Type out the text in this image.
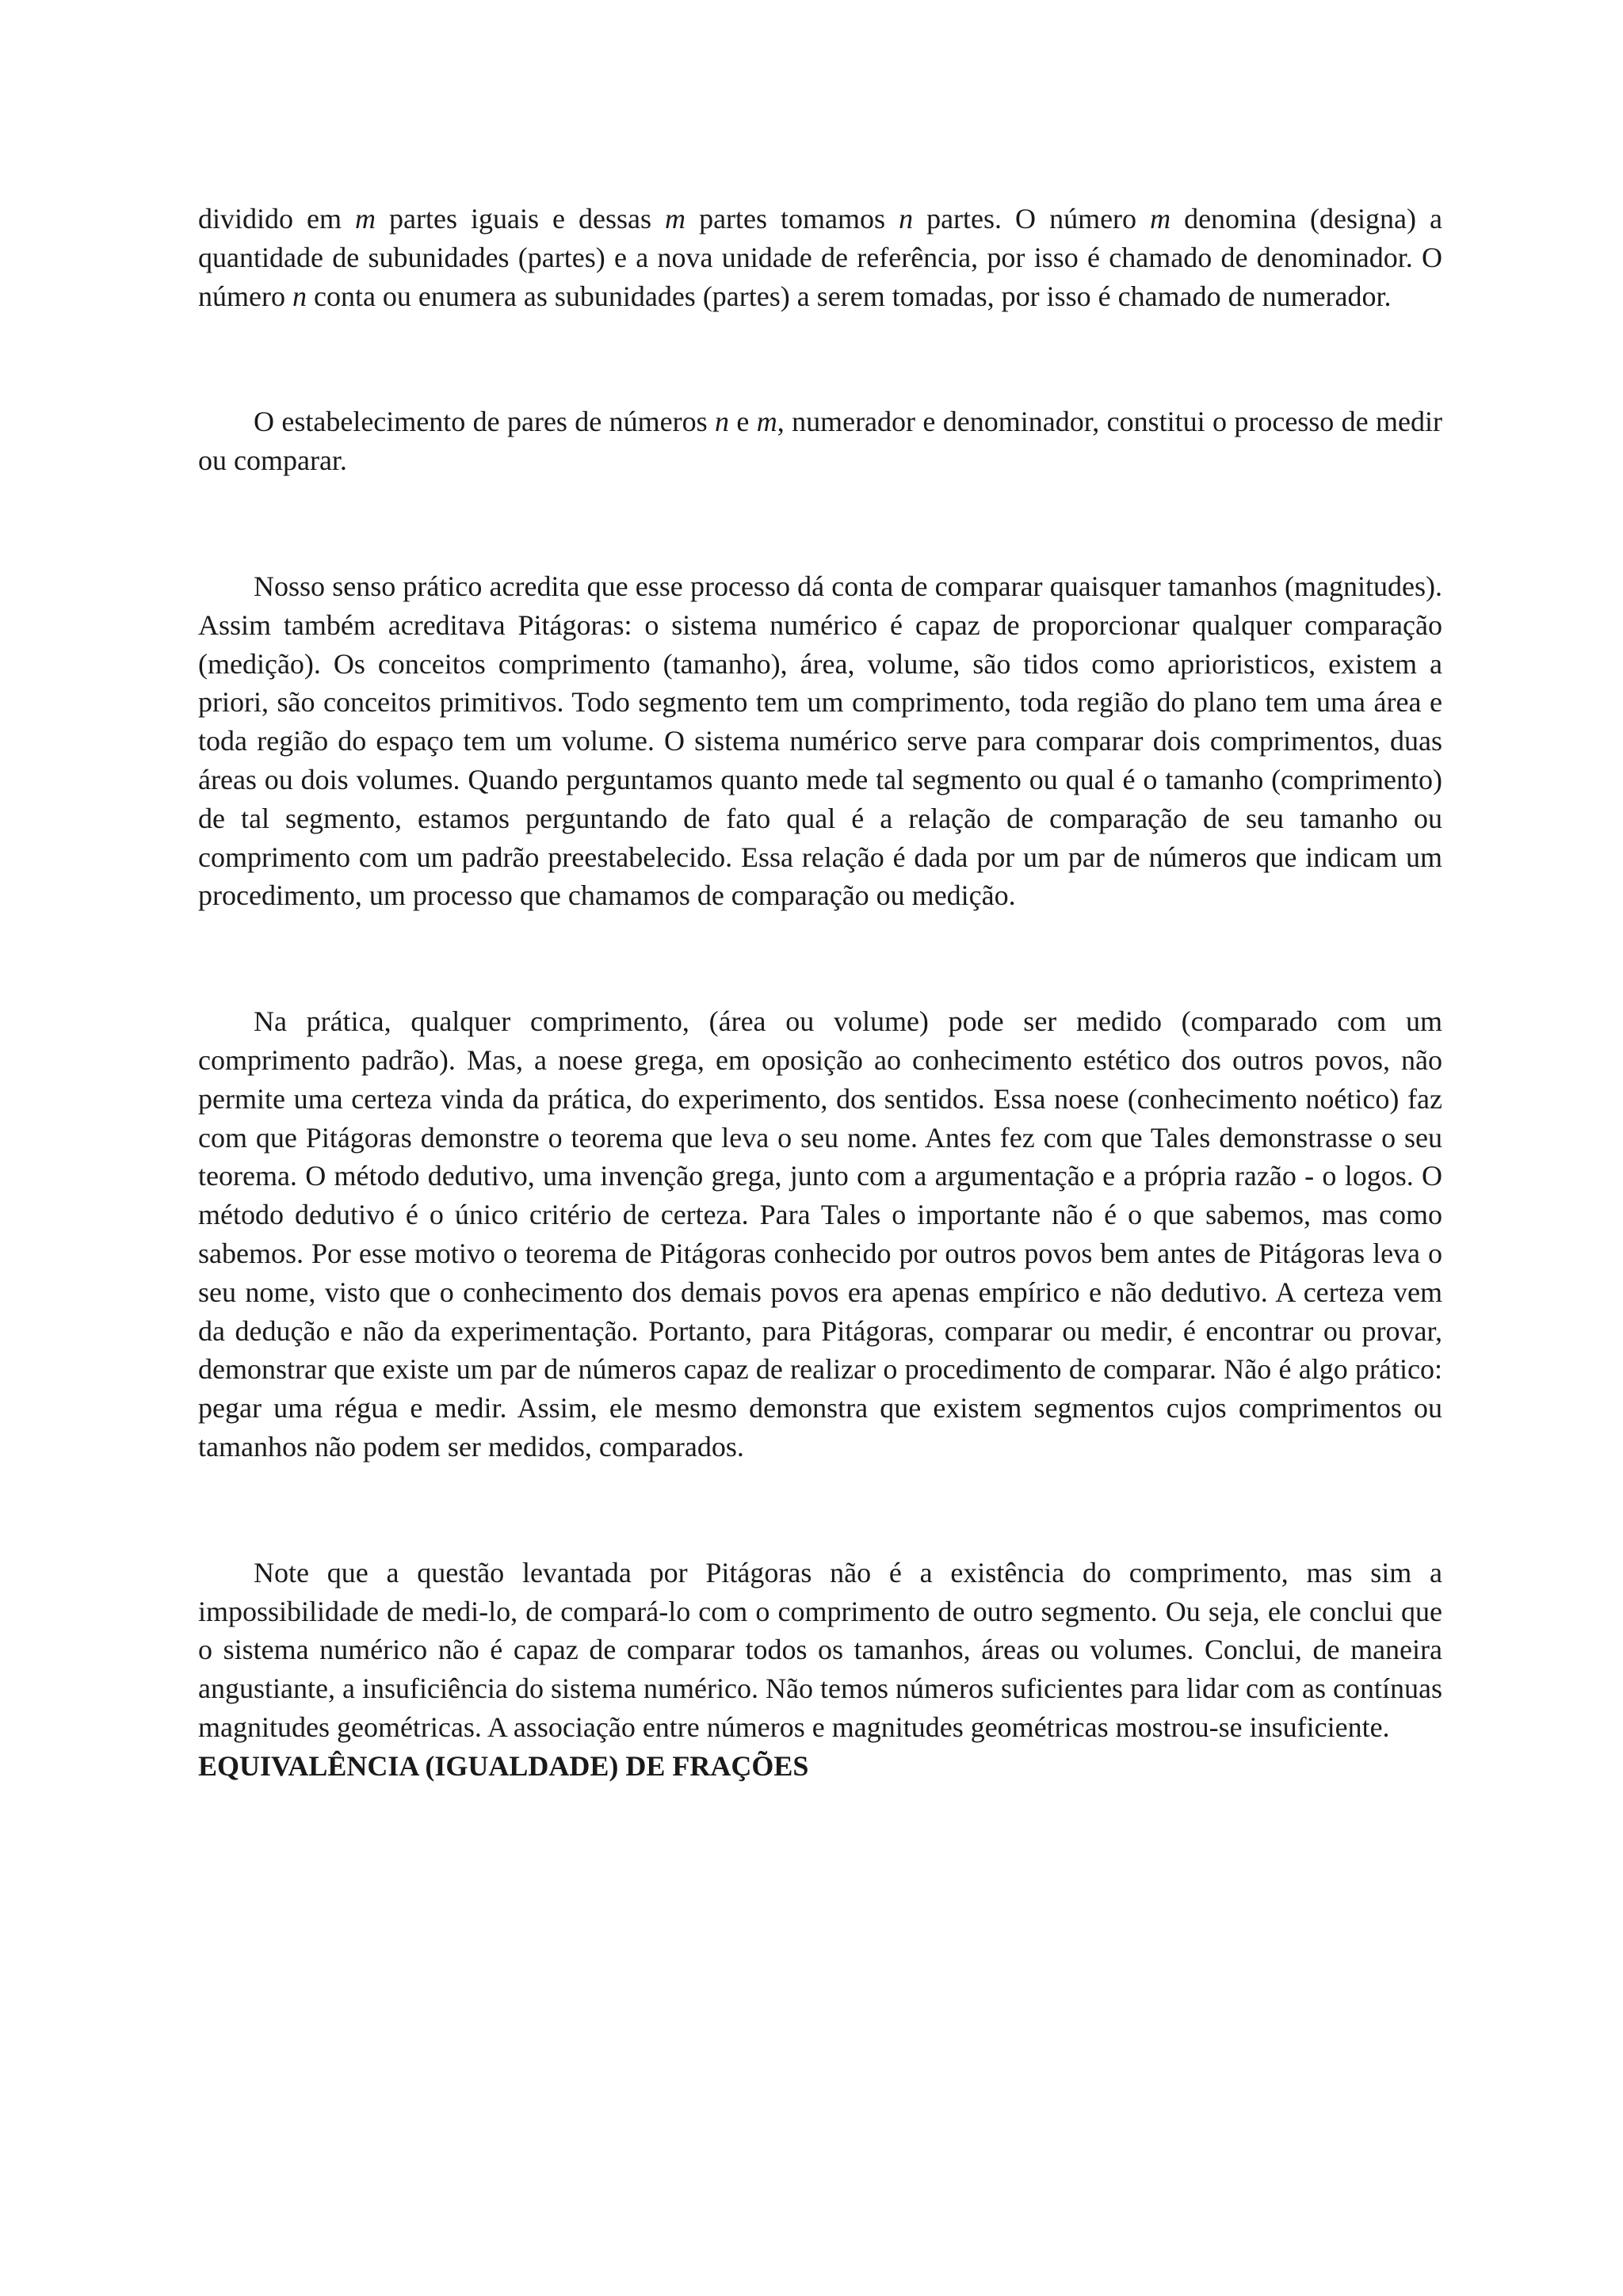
dividido em m partes iguais e dessas m partes tomamos n partes. O número m denomina (designa) a quantidade de subunidades (partes) e a nova unidade de referência, por isso é chamado de denominador. O número n conta ou enumera as subunidades (partes) a serem tomadas, por isso é chamado de numerador.

O estabelecimento de pares de números n e m, numerador e denominador, constitui o processo de medir ou comparar.

Nosso senso prático acredita que esse processo dá conta de comparar quaisquer tamanhos (magnitudes). Assim também acreditava Pitágoras: o sistema numérico é capaz de proporcionar qualquer comparação (medição). Os conceitos comprimento (tamanho), área, volume, são tidos como aprioristicos, existem a priori, são conceitos primitivos. Todo segmento tem um comprimento, toda região do plano tem uma área e toda região do espaço tem um volume. O sistema numérico serve para comparar dois comprimentos, duas áreas ou dois volumes. Quando perguntamos quanto mede tal segmento ou qual é o tamanho (comprimento) de tal segmento, estamos perguntando de fato qual é a relação de comparação de seu tamanho ou comprimento com um padrão preestabelecido. Essa relação é dada por um par de números que indicam um procedimento, um processo que chamamos de comparação ou medição.

Na prática, qualquer comprimento, (área ou volume) pode ser medido (comparado com um comprimento padrão). Mas, a noese grega, em oposição ao conhecimento estético dos outros povos, não permite uma certeza vinda da prática, do experimento, dos sentidos. Essa noese (conhecimento noético) faz com que Pitágoras demonstre o teorema que leva o seu nome. Antes fez com que Tales demonstrasse o seu teorema. O método dedutivo, uma invenção grega, junto com a argumentação e a própria razão - o logos. O método dedutivo é o único critério de certeza. Para Tales o importante não é o que sabemos, mas como sabemos. Por esse motivo o teorema de Pitágoras conhecido por outros povos bem antes de Pitágoras leva o seu nome, visto que o conhecimento dos demais povos era apenas empírico e não dedutivo. A certeza vem da dedução e não da experimentação. Portanto, para Pitágoras, comparar ou medir, é encontrar ou provar, demonstrar que existe um par de números capaz de realizar o procedimento de comparar. Não é algo prático: pegar uma régua e medir. Assim, ele mesmo demonstra que existem segmentos cujos comprimentos ou tamanhos não podem ser medidos, comparados.

Note que a questão levantada por Pitágoras não é a existência do comprimento, mas sim a impossibilidade de medi-lo, de compará-lo com o comprimento de outro segmento. Ou seja, ele conclui que o sistema numérico não é capaz de comparar todos os tamanhos, áreas ou volumes. Conclui, de maneira angustiante, a insuficiência do sistema numérico. Não temos números suficientes para lidar com as contínuas magnitudes geométricas. A associação entre números e magnitudes geométricas mostrou-se insuficiente.

EQUIVALÊNCIA (IGUALDADE) DE FRAÇÕES
